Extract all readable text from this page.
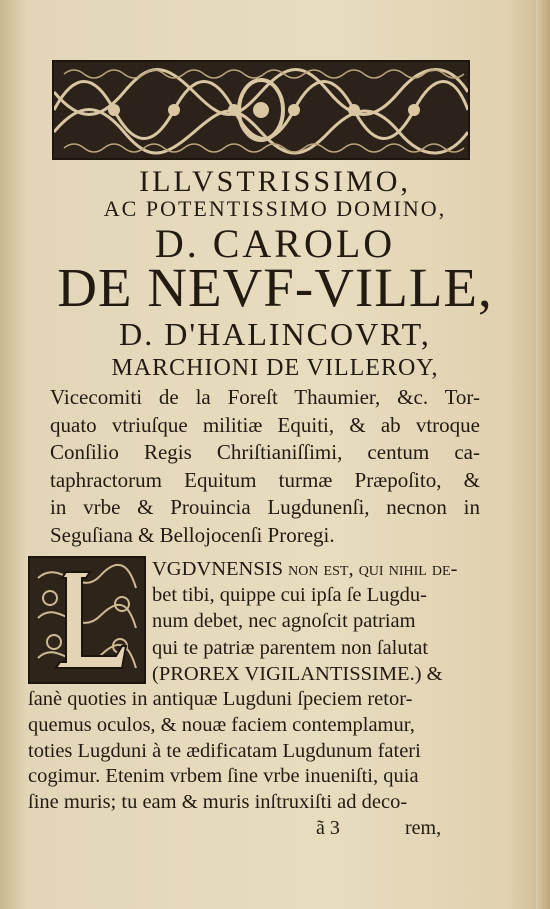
ILLVSTRISSIMO,
AC POTENTISSIMO DOMINO,
D. CAROLO
DE NEVF-VILLE,
D. D'HALINCOVRT,
MARCHIONI DE VILLEROY,
Vicecomiti de la Foreſt Thaumier, &c. Tor-
quato vtriuſque militiæ Equiti, & ab vtroque
Conſilio Regis Chriſtianiſſimi, centum ca-
taphractorum Equitum turmæ Præpoſito, &
in vrbe & Prouincia Lugdunenſi, necnon in
Seguſiana & Bellojocenſi Proregi.
VGDVNENSIS non eſt, qui nihil de-
bet tibi, quippe cui ipſa ſe Lugdu-
num debet, nec agnoſcit patriam
qui te patriæ parentem non ſalutat
(PROREX VIGILANTISSIME.) &
ſanè quoties in antiquæ Lugduni ſpeciem retor-
quemus oculos, & nouæ faciem contemplamur,
toties Lugduni à te ædificatam Lugdunum fateri
cogimur. Etenim vrbem ſine vrbe inueniſti, quia
ſine muris; tu eam & muris inſtruxiſti ad deco-
ã 3	rem,
